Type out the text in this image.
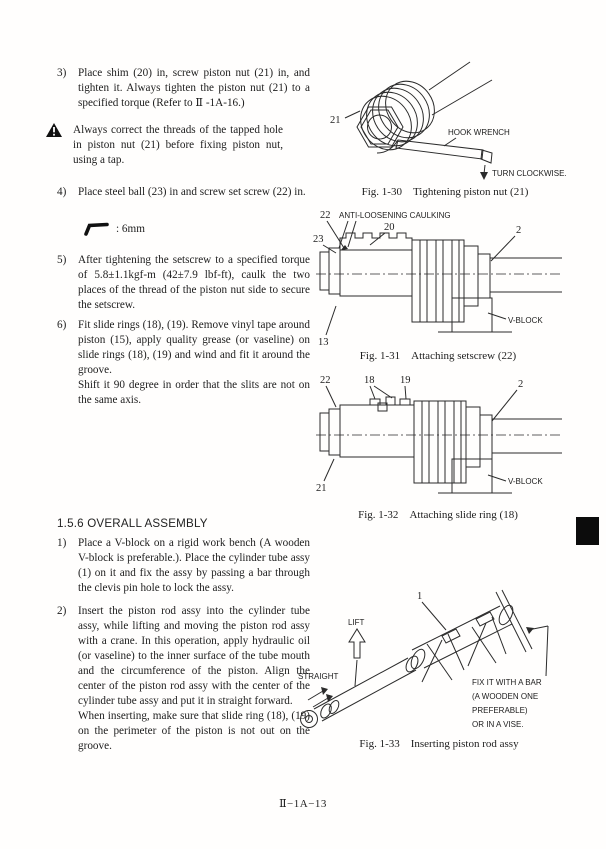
3)	Place shim (20) in, screw piston nut (21) in, and tighten it. Always tighten the piston nut (21) to a specified torque (Refer to Ⅱ -1A-16.)
Always correct the threads of the tapped hole in piston nut (21) before fixing piston nut, using a tap.
4)	Place steel ball (23) in and screw set screw (22) in.
: 6mm
5)	After tightening the setscrew to a specified torque of 5.8±1.1kgf-m (42±7.9 lbf-ft), caulk the two places of the thread of the piston nut side to secure the setscrew.
6)	Fit slide rings (18), (19). Remove vinyl tape around piston (15), apply quality grease (or vaseline) on slide rings (18), (19) and wind and fit it around the groove.
Shift it 90 degree in order that the slits are not on the same axis.
1.5.6 OVERALL ASSEMBLY
1)	Place a V-block on a rigid work bench (A wooden V-block is preferable.). Place the cylinder tube assy (1) on it and fix the assy by passing a bar through the clevis pin hole to lock the assy.
2)	Insert the piston rod assy into the cylinder tube assy, while lifting and moving the piston rod assy with a crane. In this operation, apply hydraulic oil (or vaseline) to the inner surface of the tube mouth and the circumference of the piston. Align the center of the piston rod assy with the center of the cylinder tube assy and put it in straight forward.
When inserting, make sure that slide ring (18), (19) on the perimeter of the piston is not out on the groove.
21
HOOK WRENCH
TURN CLOCKWISE.
Fig. 1-30 Tightening piston nut (21)
22 ANTI-LOOSENING CAULKING
23
20	2
13
V-BLOCK
Fig. 1-31 Attaching setscrew (22)
22	18 19	2
21
V-BLOCK
Fig. 1-32 Attaching slide ring (18)
1
LIFT
STRAIGHT
FIX IT WITH A BAR
(A WOODEN ONE
PREFERABLE)
OR IN A VISE.
Fig. 1-33 Inserting piston rod assy
Ⅱ−1A−13
